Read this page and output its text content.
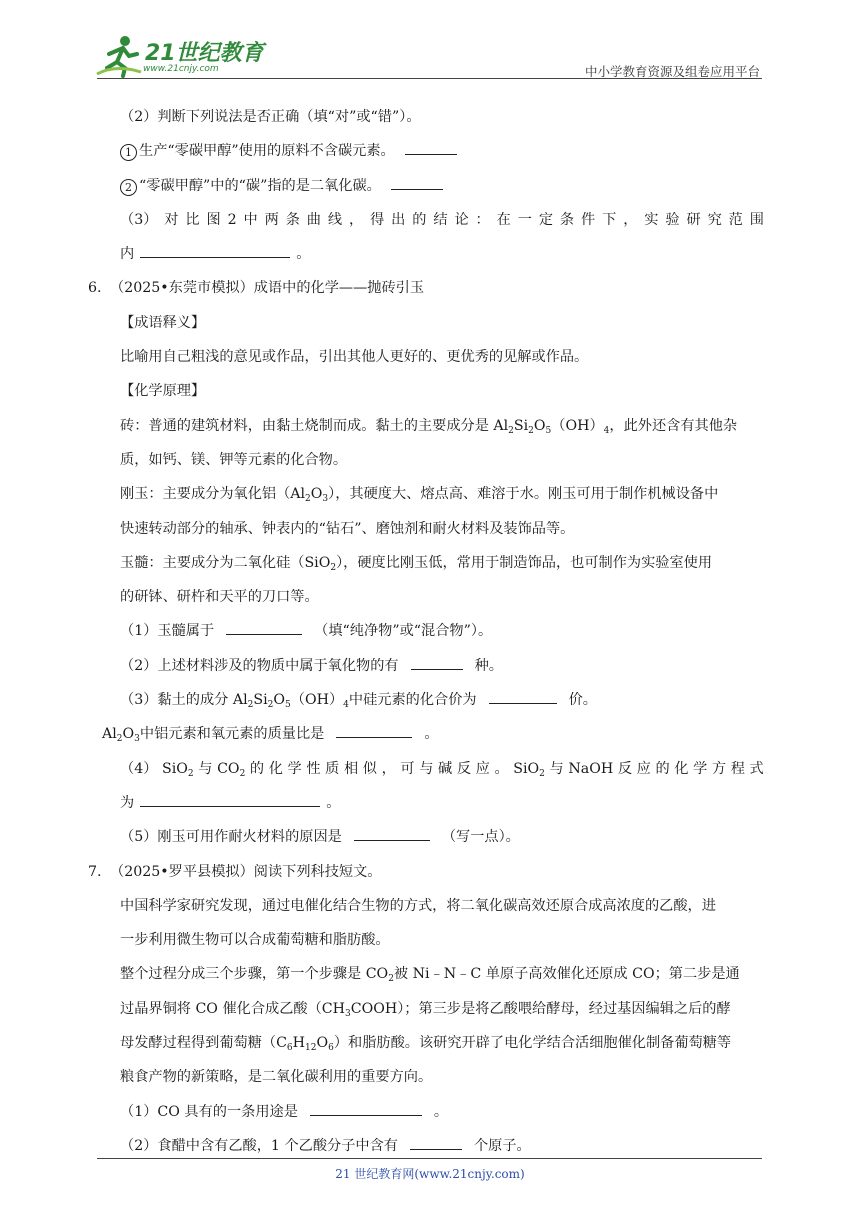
21世纪教育
www.21cnjy.com	中小学教育资源及组卷应用平台
（2）判断下列说法是否正确（填“对”或“错”）。
1 生产“零碳甲醇”使用的原料不含碳元素。
2 “零碳甲醇”中的“碳”指的是二氧化碳。
（3） 对 比 图 2 中 两 条 曲 线 ， 得 出 的 结 论 ： 在 一 定 条 件 下 ， 实 验 研 究 范 围
内	。
6. （2025•东莞市模拟）成语中的化学——抛砖引玉
【成语释义】
比喻用自己粗浅的意见或作品，引出其他人更好的、更优秀的见解或作品。
【化学原理】
砖：普通的建筑材料，由黏土烧制而成。黏土的主要成分是 $Al_2Si_2O_5(OH)_4$，此外还含有其他杂
质，如钙、镁、钾等元素的化合物。
刚玉：主要成分为氧化铝$(Al_2O_3)$，其硬度大、熔点高、难溶于水。刚玉可用于制作机械设备中
快速转动部分的轴承、钟表内的“钻石”、磨蚀剂和耐火材料及装饰品等。
玉髓：主要成分为二氧化硅（SiO$_2$），硬度比刚玉低，常用于制造饰品，也可制作为实验室使用
的研钵、研杵和天平的刀口等。
（1）玉髓属于	（填“纯净物”或“混合物”）。
（2）上述材料涉及的物质中属于氧化物的有	种。
（3）黏土的成分 $Al_2Si_2O_5(OH)_4$中硅元素的化合价为	价。
$Al_2O_3$中铝元素和氧元素的质量比是	。
（4） SiO$_2$ 与 $CO_2$ 的 化 学 性 质 相 似 ， 可 与 碱 反 应 。 SiO$_2$ 与 NaOH 反 应 的 化 学 方 程 式
为	。
（5）刚玉可用作耐火材料的原因是	（写一点）。
7. （2025•罗平县模拟）阅读下列科技短文。
中国科学家研究发现，通过电催化结合生物的方式，将二氧化碳高效还原合成高浓度的乙酸，进
一步利用微生物可以合成葡萄糖和脂肪酸。
整个过程分成三个步骤，第一个步骤是 $CO_2$被 Ni﹣N﹣C 单原子高效催化还原成 CO；第二步是通
过晶界铜将 CO 催化合成乙酸$(CH_3COOH)$；第三步是将乙酸喂给酵母，经过基因编辑之后的酵
母发酵过程得到葡萄糖$(C_6H_{12}O_6)$和脂肪酸。该研究开辟了电化学结合活细胞催化制备葡萄糖等
粮食产物的新策略，是二氧化碳利用的重要方向。
（1）CO 具有的一条用途是	。
（2）食醋中含有乙酸，1 个乙酸分子中含有	个原子。
21 世纪教育网(www.21cnjy.com)
